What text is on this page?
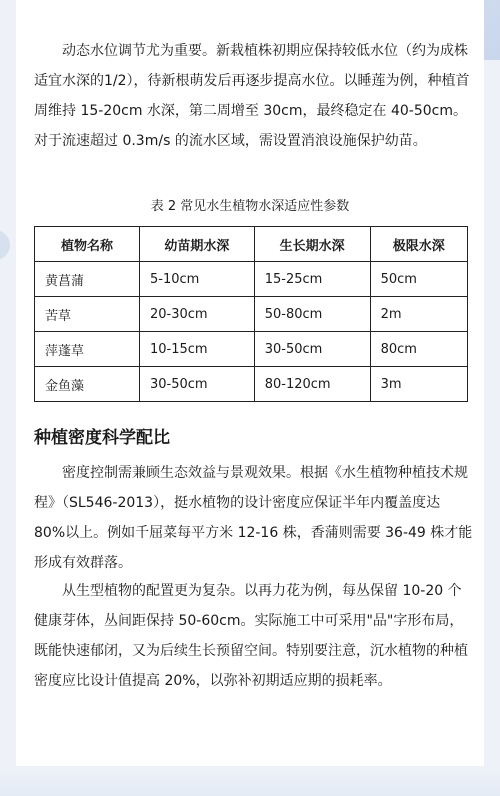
　　动态水位调节尤为重要。新栽植株初期应保持较低水位（约为成株适宜水深的1/2），待新根萌发后再逐步提高水位。以睡莲为例，种植首周维持 15-20cm 水深，第二周增至 30cm，最终稳定在 40-50cm。对于流速超过 0.3m/s 的流水区域，需设置消浪设施保护幼苗。

表 2 常见水生植物水深适应性参数
植物名称	幼苗期水深	生长期水深	极限水深
黄菖蒲	5-10cm	15-25cm	50cm
苦草	20-30cm	50-80cm	2m
萍蓬草	10-15cm	30-50cm	80cm
金鱼藻	30-50cm	80-120cm	3m
种植密度科学配比

　　密度控制需兼顾生态效益与景观效果。根据《水生植物种植技术规程》（SL546-2013），挺水植物的设计密度应保证半年内覆盖度达 80%以上。例如千屈菜每平方米 12-16 株，香蒲则需要 36-49 株才能形成有效群落。

　　从生型植物的配置更为复杂。以再力花为例，每丛保留 10-20 个健康芽体，丛间距保持 50-60cm。实际施工中可采用"品"字形布局，既能快速郁闭，又为后续生长预留空间。特别要注意，沉水植物的种植密度应比设计值提高 20%，以弥补初期适应期的损耗率。
